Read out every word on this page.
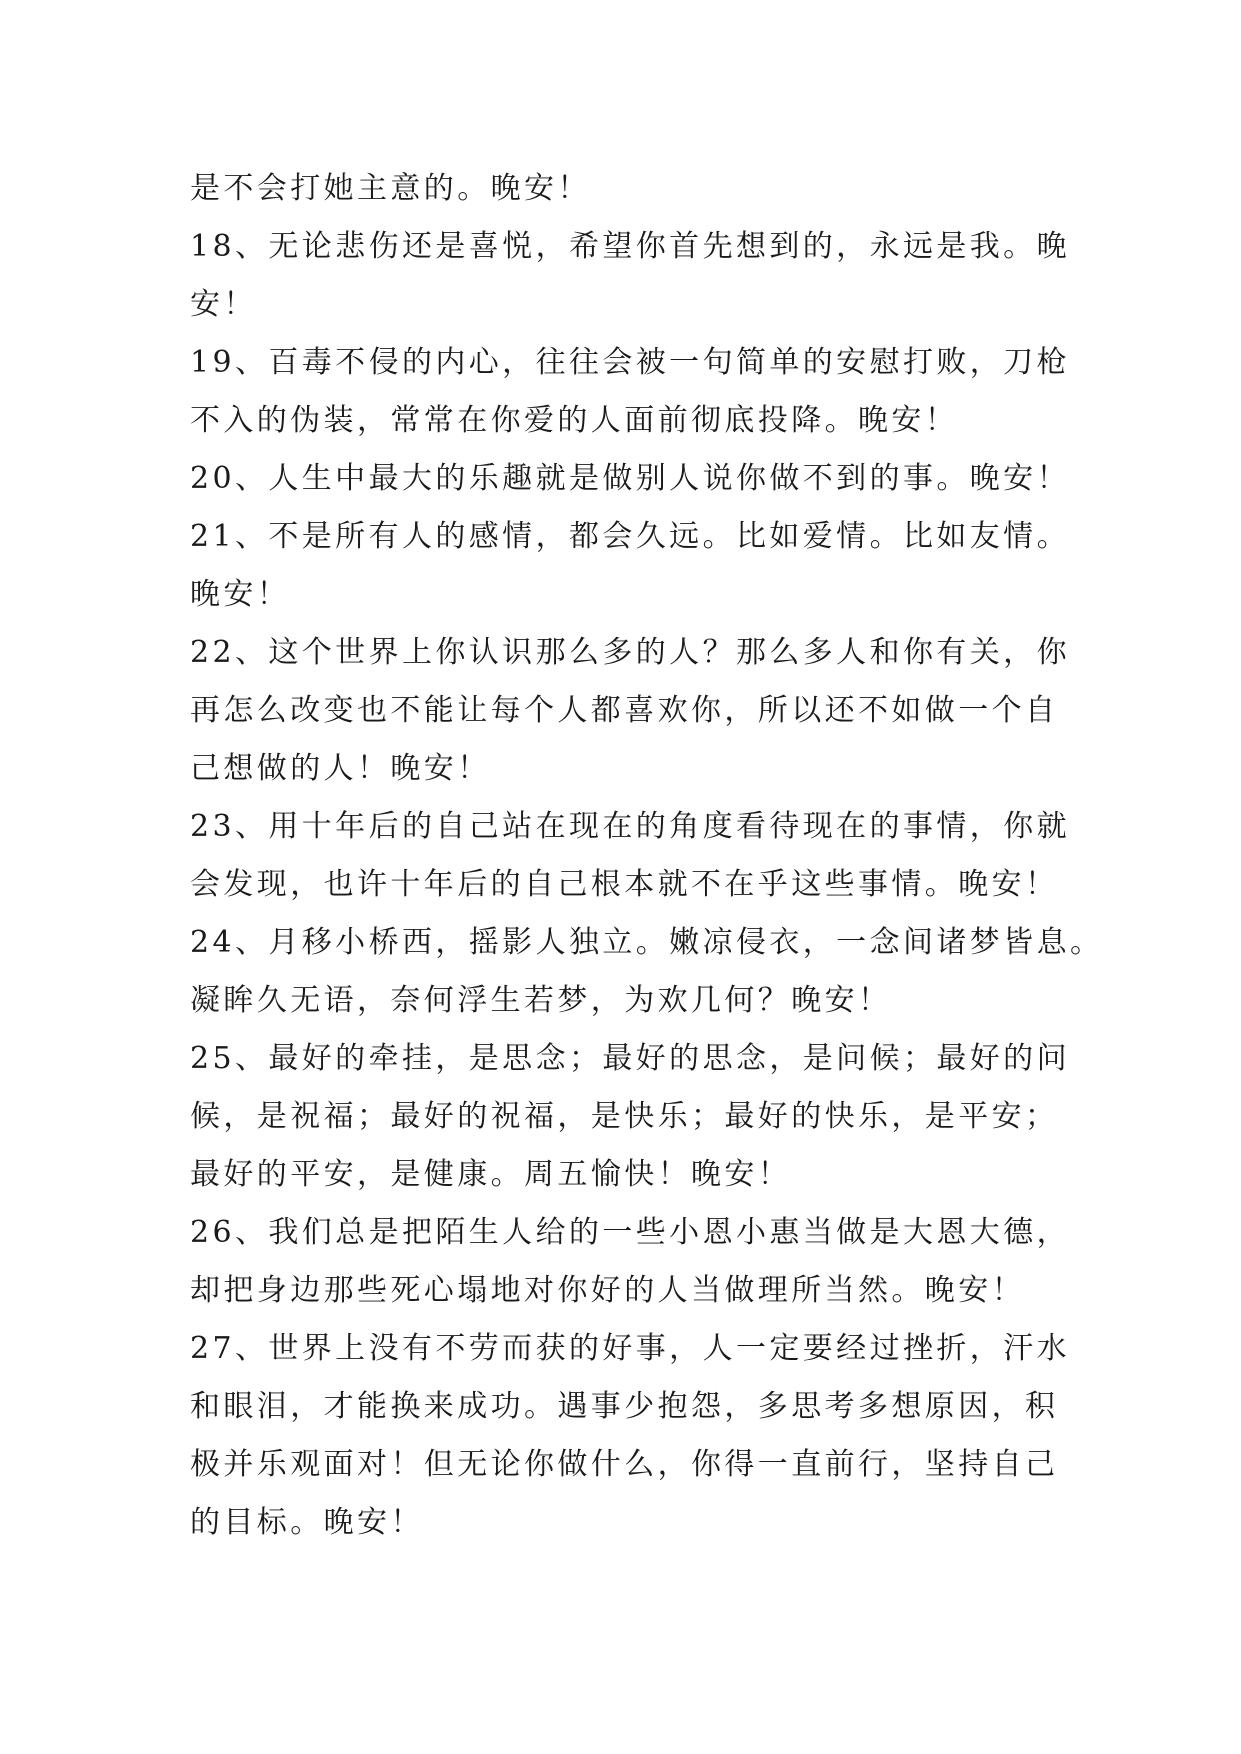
是不会打她主意的。晚安！
18、无论悲伤还是喜悦，希望你首先想到的，永远是我。晚
安！
19、百毒不侵的内心，往往会被一句简单的安慰打败，刀枪
不入的伪装，常常在你爱的人面前彻底投降。晚安！
20、人生中最大的乐趣就是做别人说你做不到的事。晚安！
21、不是所有人的感情，都会久远。比如爱情。比如友情。
晚安！
22、这个世界上你认识那么多的人？那么多人和你有关，你
再怎么改变也不能让每个人都喜欢你，所以还不如做一个自
己想做的人！晚安！
23、用十年后的自己站在现在的角度看待现在的事情，你就
会发现，也许十年后的自己根本就不在乎这些事情。晚安！
24、月移小桥西，摇影人独立。嫩凉侵衣，一念间诸梦皆息。
凝眸久无语，奈何浮生若梦，为欢几何？晚安！
25、最好的牵挂，是思念；最好的思念，是问候；最好的问
候，是祝福；最好的祝福，是快乐；最好的快乐，是平安；
最好的平安，是健康。周五愉快！晚安！
26、我们总是把陌生人给的一些小恩小惠当做是大恩大德，
却把身边那些死心塌地对你好的人当做理所当然。晚安！
27、世界上没有不劳而获的好事，人一定要经过挫折，汗水
和眼泪，才能换来成功。遇事少抱怨，多思考多想原因，积
极并乐观面对！但无论你做什么，你得一直前行，坚持自己
的目标。晚安！
